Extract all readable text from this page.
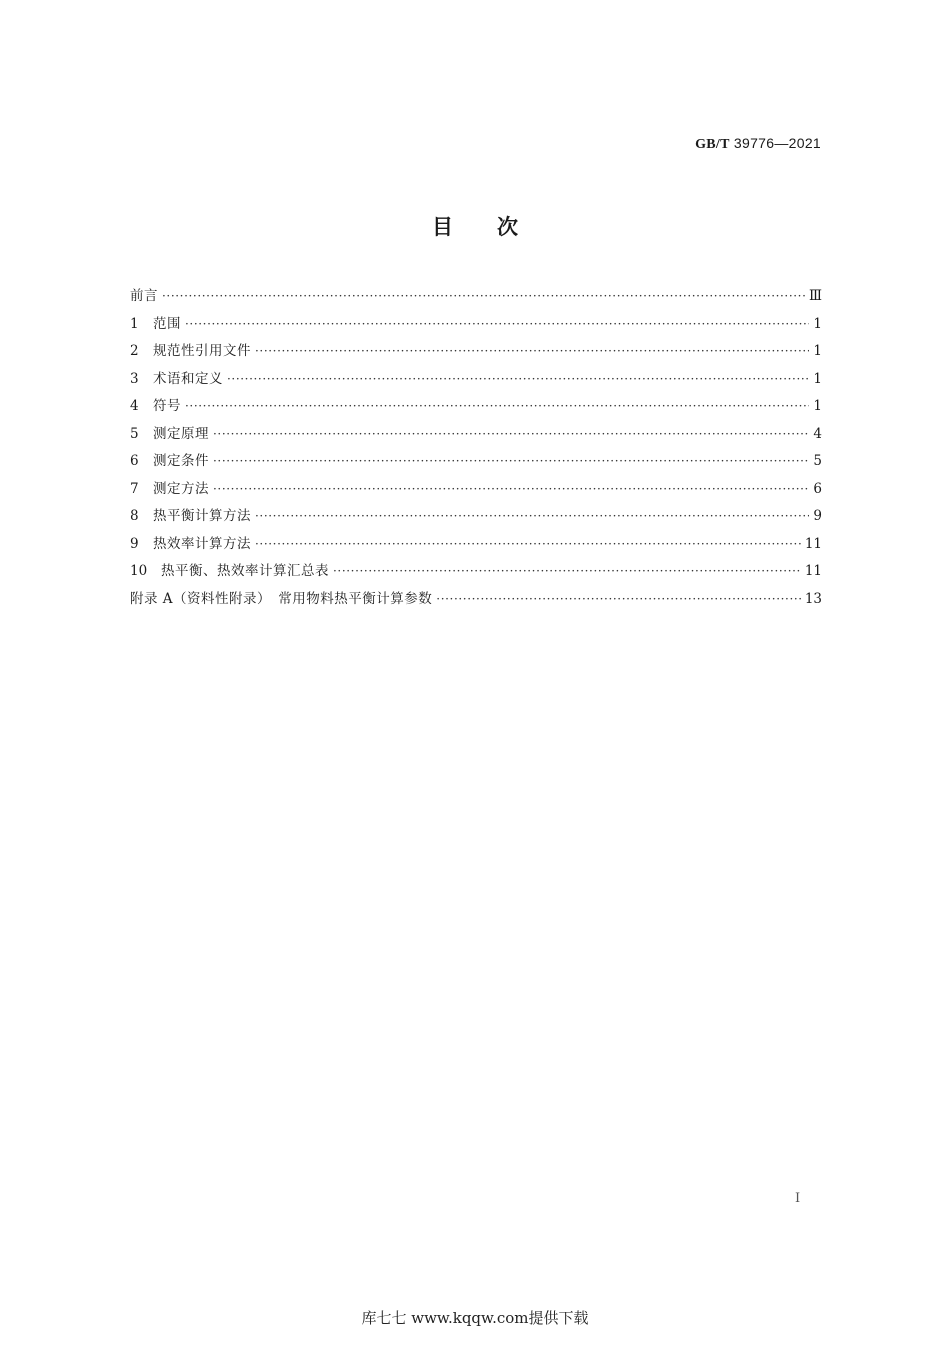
GB/T 39776—2021
目次
前言 ·····	Ⅲ
1	范围 ·····	1
2	规范性引用文件 ·····	1
3	术语和定义 ·····	1
4	符号 ·····	1
5	测定原理 ·····	4
6	测定条件 ·····	5
7	测定方法 ·····	6
8	热平衡计算方法 ·····	9
9	热效率计算方法 ·····	11
10	热平衡、热效率计算汇总表 ·····	11
附录 A（资料性附录）　常用物料热平衡计算参数 ·····	13
I
库七七 www.kqqw.com提供下载
